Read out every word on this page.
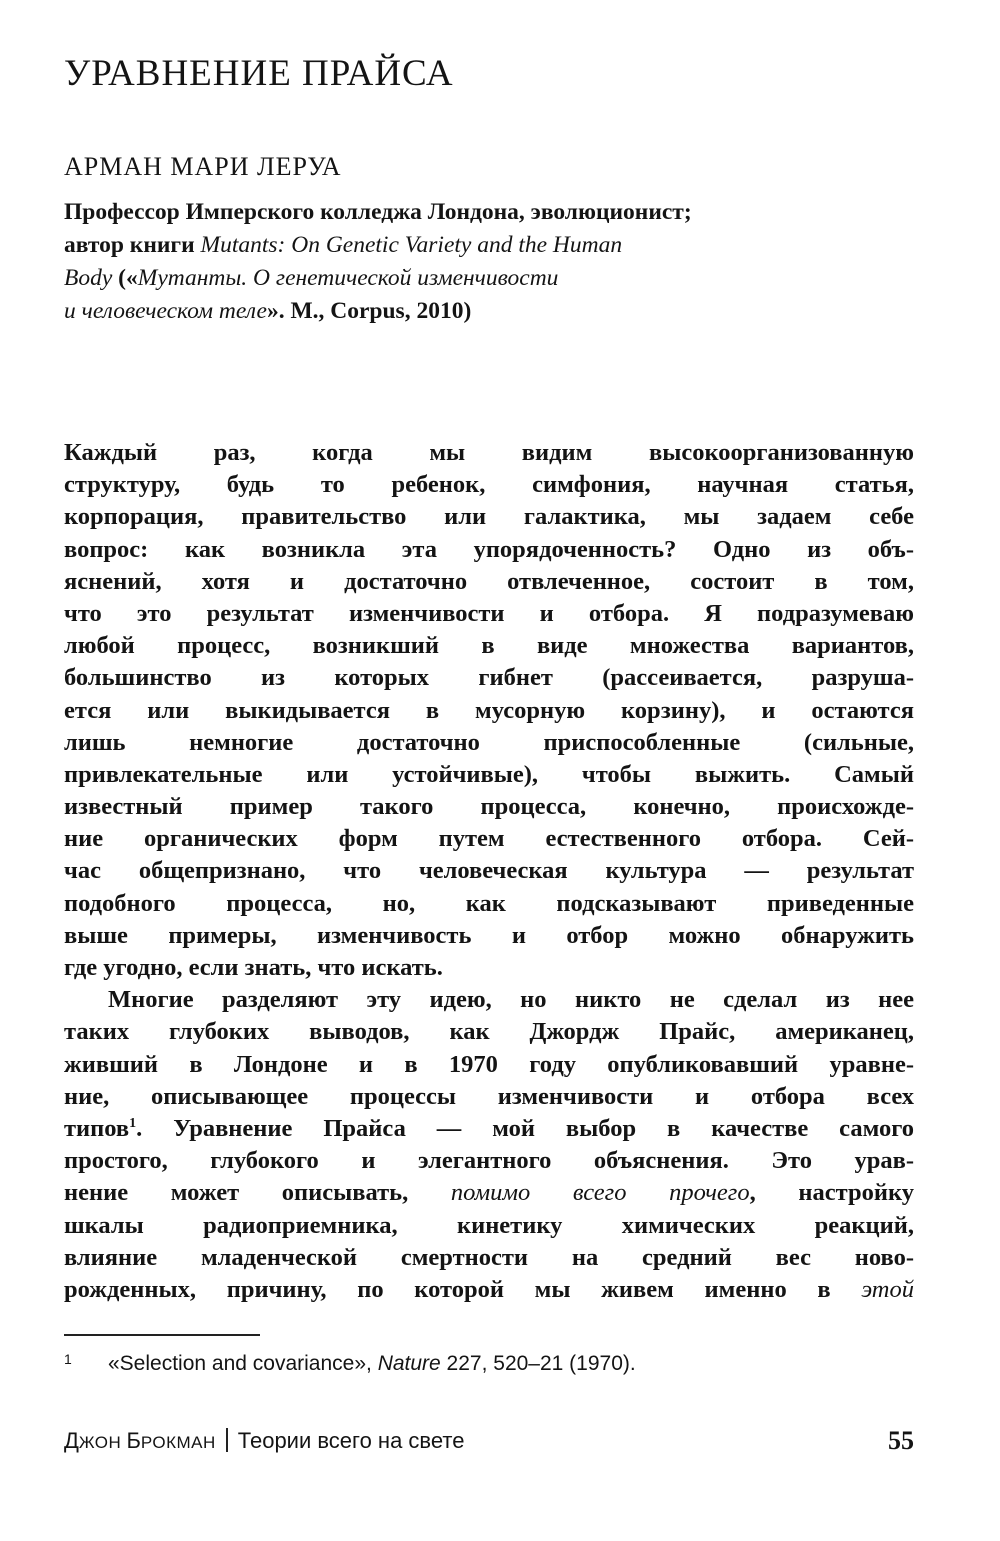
УРАВНЕНИЕ ПРАЙСА
АРМАН МАРИ ЛЕРУА

Профессор Имперского колледжа Лондона, эволюционист;
автор книги Mutants: On Genetic Variety and the Human
Body («Мутанты. О генетической изменчивости
и человеческом теле». М., Corpus, 2010)

Каждый раз, когда мы видим высокоорганизованную
структуру, будь то ребенок, симфония, научная статья,
корпорация, правительство или галактика, мы задаем себе
вопрос: как возникла эта упорядоченность? Одно из объ-
яснений, хотя и достаточно отвлеченное, состоит в том,
что это результат изменчивости и отбора. Я подразумеваю
любой процесс, возникший в виде множества вариантов,
большинство из которых гибнет (рассеивается, разруша-
ется или выкидывается в мусорную корзину), и остаются
лишь немногие достаточно приспособленные (сильные,
привлекательные или устойчивые), чтобы выжить. Самый
известный пример такого процесса, конечно, происхожде-
ние органических форм путем естественного отбора. Сей-
час общепризнано, что человеческая культура — результат
подобного процесса, но, как подсказывают приведенные
выше примеры, изменчивость и отбор можно обнаружить
где угодно, если знать, что искать.
Многие разделяют эту идею, но никто не сделал из нее
таких глубоких выводов, как Джордж Прайс, американец,
живший в Лондоне и в 1970 году опубликовавший уравне-
ние, описывающее процессы изменчивости и отбора всех
типов$^1$. Уравнение Прайса — мой выбор в качестве самого
простого, глубокого и элегантного объяснения. Это урав-
нение может описывать, помимо всего прочего, настройку
шкалы радиоприемника, кинетику химических реакций,
влияние младенческой смертности на средний вес ново-
рожденных, причину, по которой мы живем именно в этой

1 «Selection and covariance», Nature 227, 520–21 (1970).

ДЖОН БРОКМАН Теории всего на свете	55
